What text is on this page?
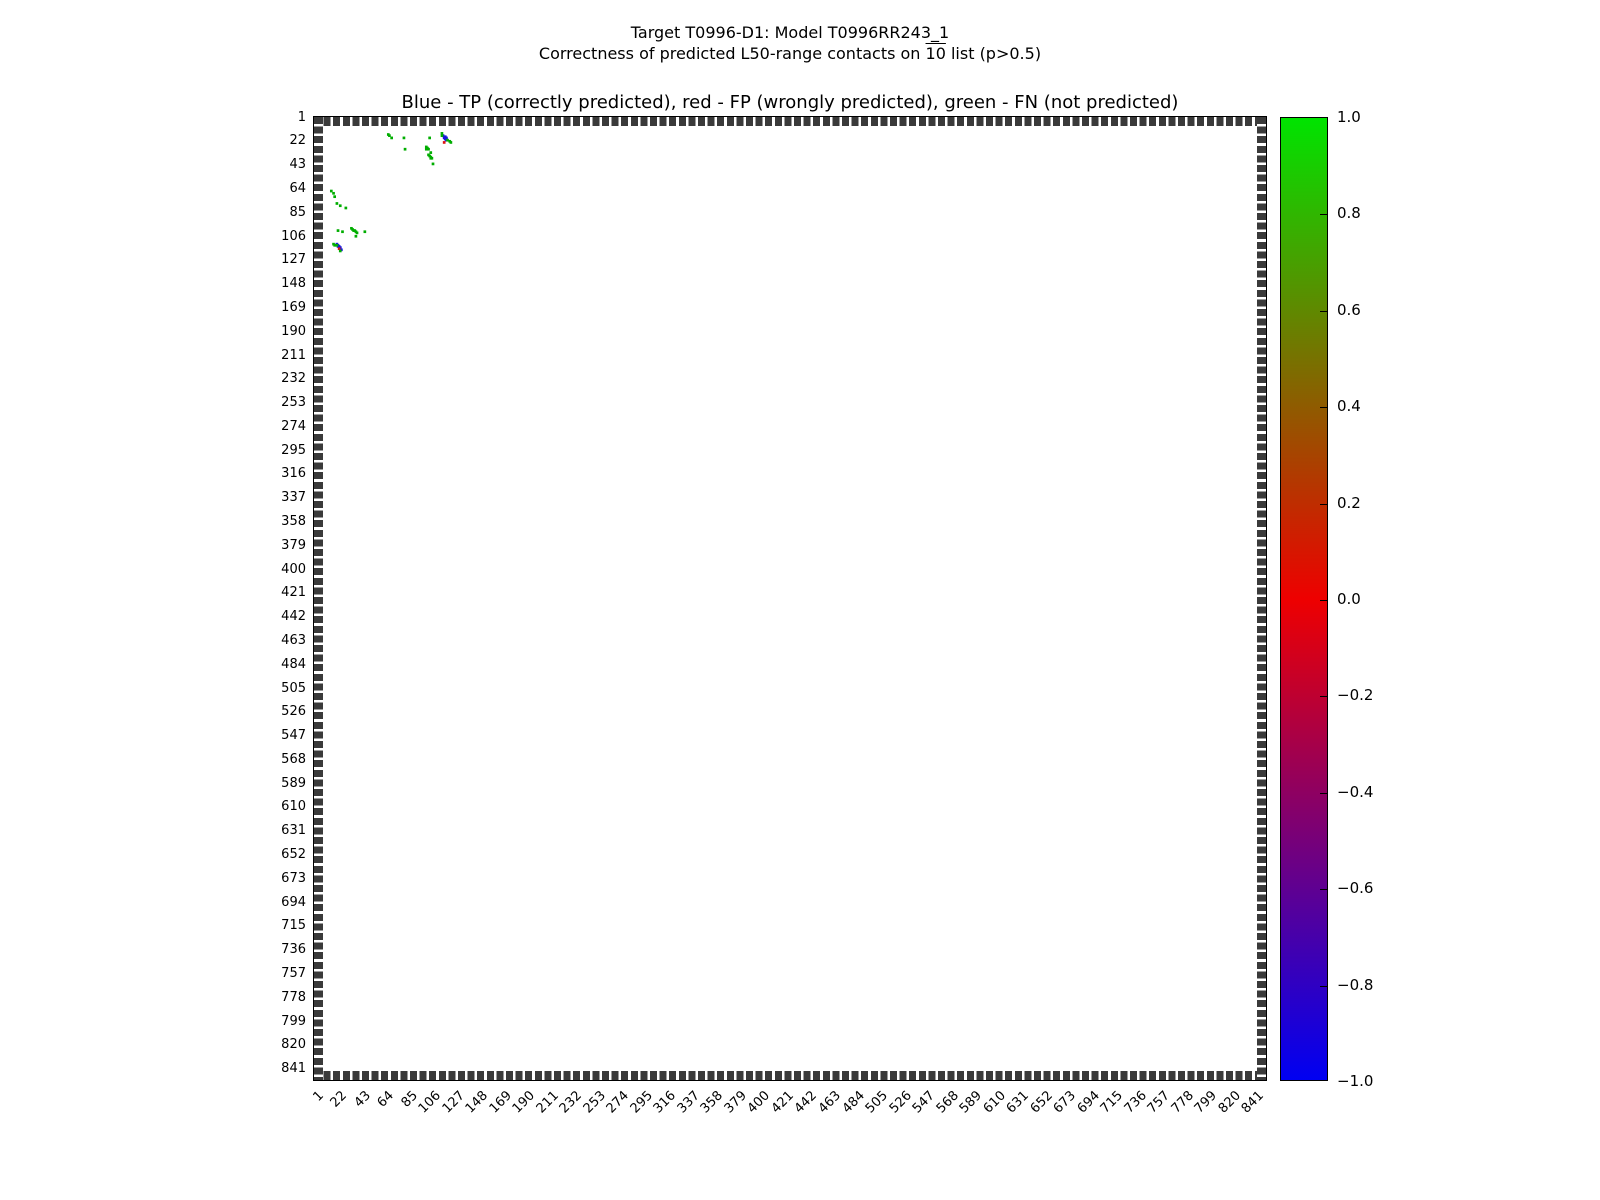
Target T0996-D1: Model T0996RR243_1
Correctness of predicted L50-range contacts on 10 list (p>0.5)
Blue - TP (correctly predicted), red - FP (wrongly predicted), green - FN (not predicted)
1
22
43
64
85
106
127
148
169
190
211
232
253
274
295
316
337
358
379
400
421
442
463
484
505
526
547
568
589
610
631
652
673
694
715
736
757
778
799
820
841
1 22 43 64 85
106
127
148
169
190
211
232
253
274
295
316
337
358
379
400
421
442
463
484
505
526
547
568
589
610
631
652
673
694
715
736
757
778
799
820
841
1.0
0.8
0.6
0.4
0.2
0.0
−0.2
−0.4
−0.6
−0.8
−1.0
